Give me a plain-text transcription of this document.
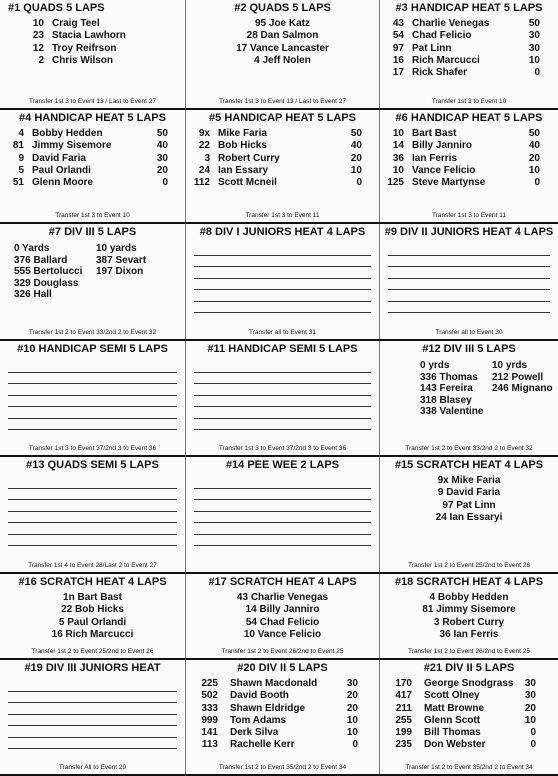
#1 QUADS 5 LAPS
10 Craig Teel
23 Stacia Lawhorn
12 Troy Reifrson
2 Chris Wilson
Transfer 1st 3 to Event 13 / Last to Event 27
#2 QUADS 5 LAPS
95 Joe Katz
28 Dan Salmon
17 Vance Lancaster
4 Jeff Nolen
Transfer 1st 3 to Event 13 / Last to Event 27
#3 HANDICAP HEAT 5 LAPS
43 Charlie Venegas	50
54 Chad Felicio	30
97 Pat Linn	30
16 Rich Marcucci	10
17 Rick Shafer	0
Transfer 1st 3 to Event 10
#4 HANDICAP HEAT 5 LAPS
4 Bobby Hedden	50
81 Jimmy Sisemore	40
9 David Faria	30
5 Paul Orlandi	20
51 Glenn Moore	0
Transfer 1st 3 to Event 10
#5 HANDICAP HEAT 5 LAPS
9x Mike Faria	50
22 Bob Hicks	40
3 Robert Curry	20
24 Ian Essary	10
112 Scott Mcneil	0
Transfer 1st 3 to Event 11
#6 HANDICAP HEAT 5 LAPS
10 Bart Bast	50
14 Billy Janniro	40
36 Ian Ferris	20
10 Vance Felicio	10
125 Steve Martynse	0
Transfer 1st 3 to Event 11
#7 DIV III 5 LAPS
0 Yards
376 Ballard
555 Bertolucci
329 Douglass
326 Hall
10 yards
387 Sevart
197 Dixon
Transfer 1st 2 to Event 33/2nd 2 to Event 32
#8 DIV I JUNIORS HEAT 4 LAPS
Transfer all to Event 31
#9 DIV II JUNIORS HEAT 4 LAPS
Transfer all to Event 30
#10 HANDICAP SEMI 5 LAPS
Transfer 1st 3 to Event 37/2nd 3 to Event 36
#11 HANDICAP SEMI 5 LAPS
Transfer 1st 3 to Event 37/2nd 3 to Event 36
#12 DIV III 5 LAPS
0 yrds
336 Thomas
143 Fereira
318 Blasey
338 Valentine
10 yrds
212 Powell
246 Mignano
Transfer 1st 2 to Event 33/2nd 2 to Event 32
#13 QUADS SEMI 5 LAPS
Transfer 1st 4 to Event 28/Last 2 to Event 27
#14 PEE WEE 2 LAPS	#15 SCRATCH HEAT 4 LAPS
9x Mike Faria
9 David Faria
97 Pat Linn
24 Ian Essaryi
Transfer 1st 2 to Event 25/2nd to Event 26
#16 SCRATCH HEAT 4 LAPS
1n Bart Bast
22 Bob Hicks
5 Paul Orlandi
16 Rich Marcucci
Transfer 1st 2 to Event 25/2nd to Event 26
#17 SCRATCH HEAT 4 LAPS
43 Charlie Venegas
14 Billy Janniro
54 Chad Felicio
10 Vance Felicio
Transfer 1st 2 to Event 26/2nd to Event 25
#18 SCRATCH HEAT 4 LAPS
4 Bobby Hedden
81 Jimmy Sisemore
3 Robert Curry
36 Ian Ferris
Transfer 1st 2 to Event 26/2nd to Event 25
#19 DIV III JUNIORS HEAT
Transfer All to Event 29
#20 DIV II 5 LAPS
225 Shawn Macdonald	30
502 David Booth	20
333 Shawn Eldridge	20
999 Tom Adams	10
141 Derk Silva	10
113 Rachelle Kerr	0
Transfer 1st 2 to Event 35/2nd 2 to Event 34
#21 DIV II 5 LAPS
170 George Snodgrass	30
417 Scott Olney	30
211 Matt Browne	20
255 Glenn Scott	10
199 Bill Thomas	0
235 Don Webster	0
Transfer 1st 2 to Event 35/2nd 2 to Event 34
